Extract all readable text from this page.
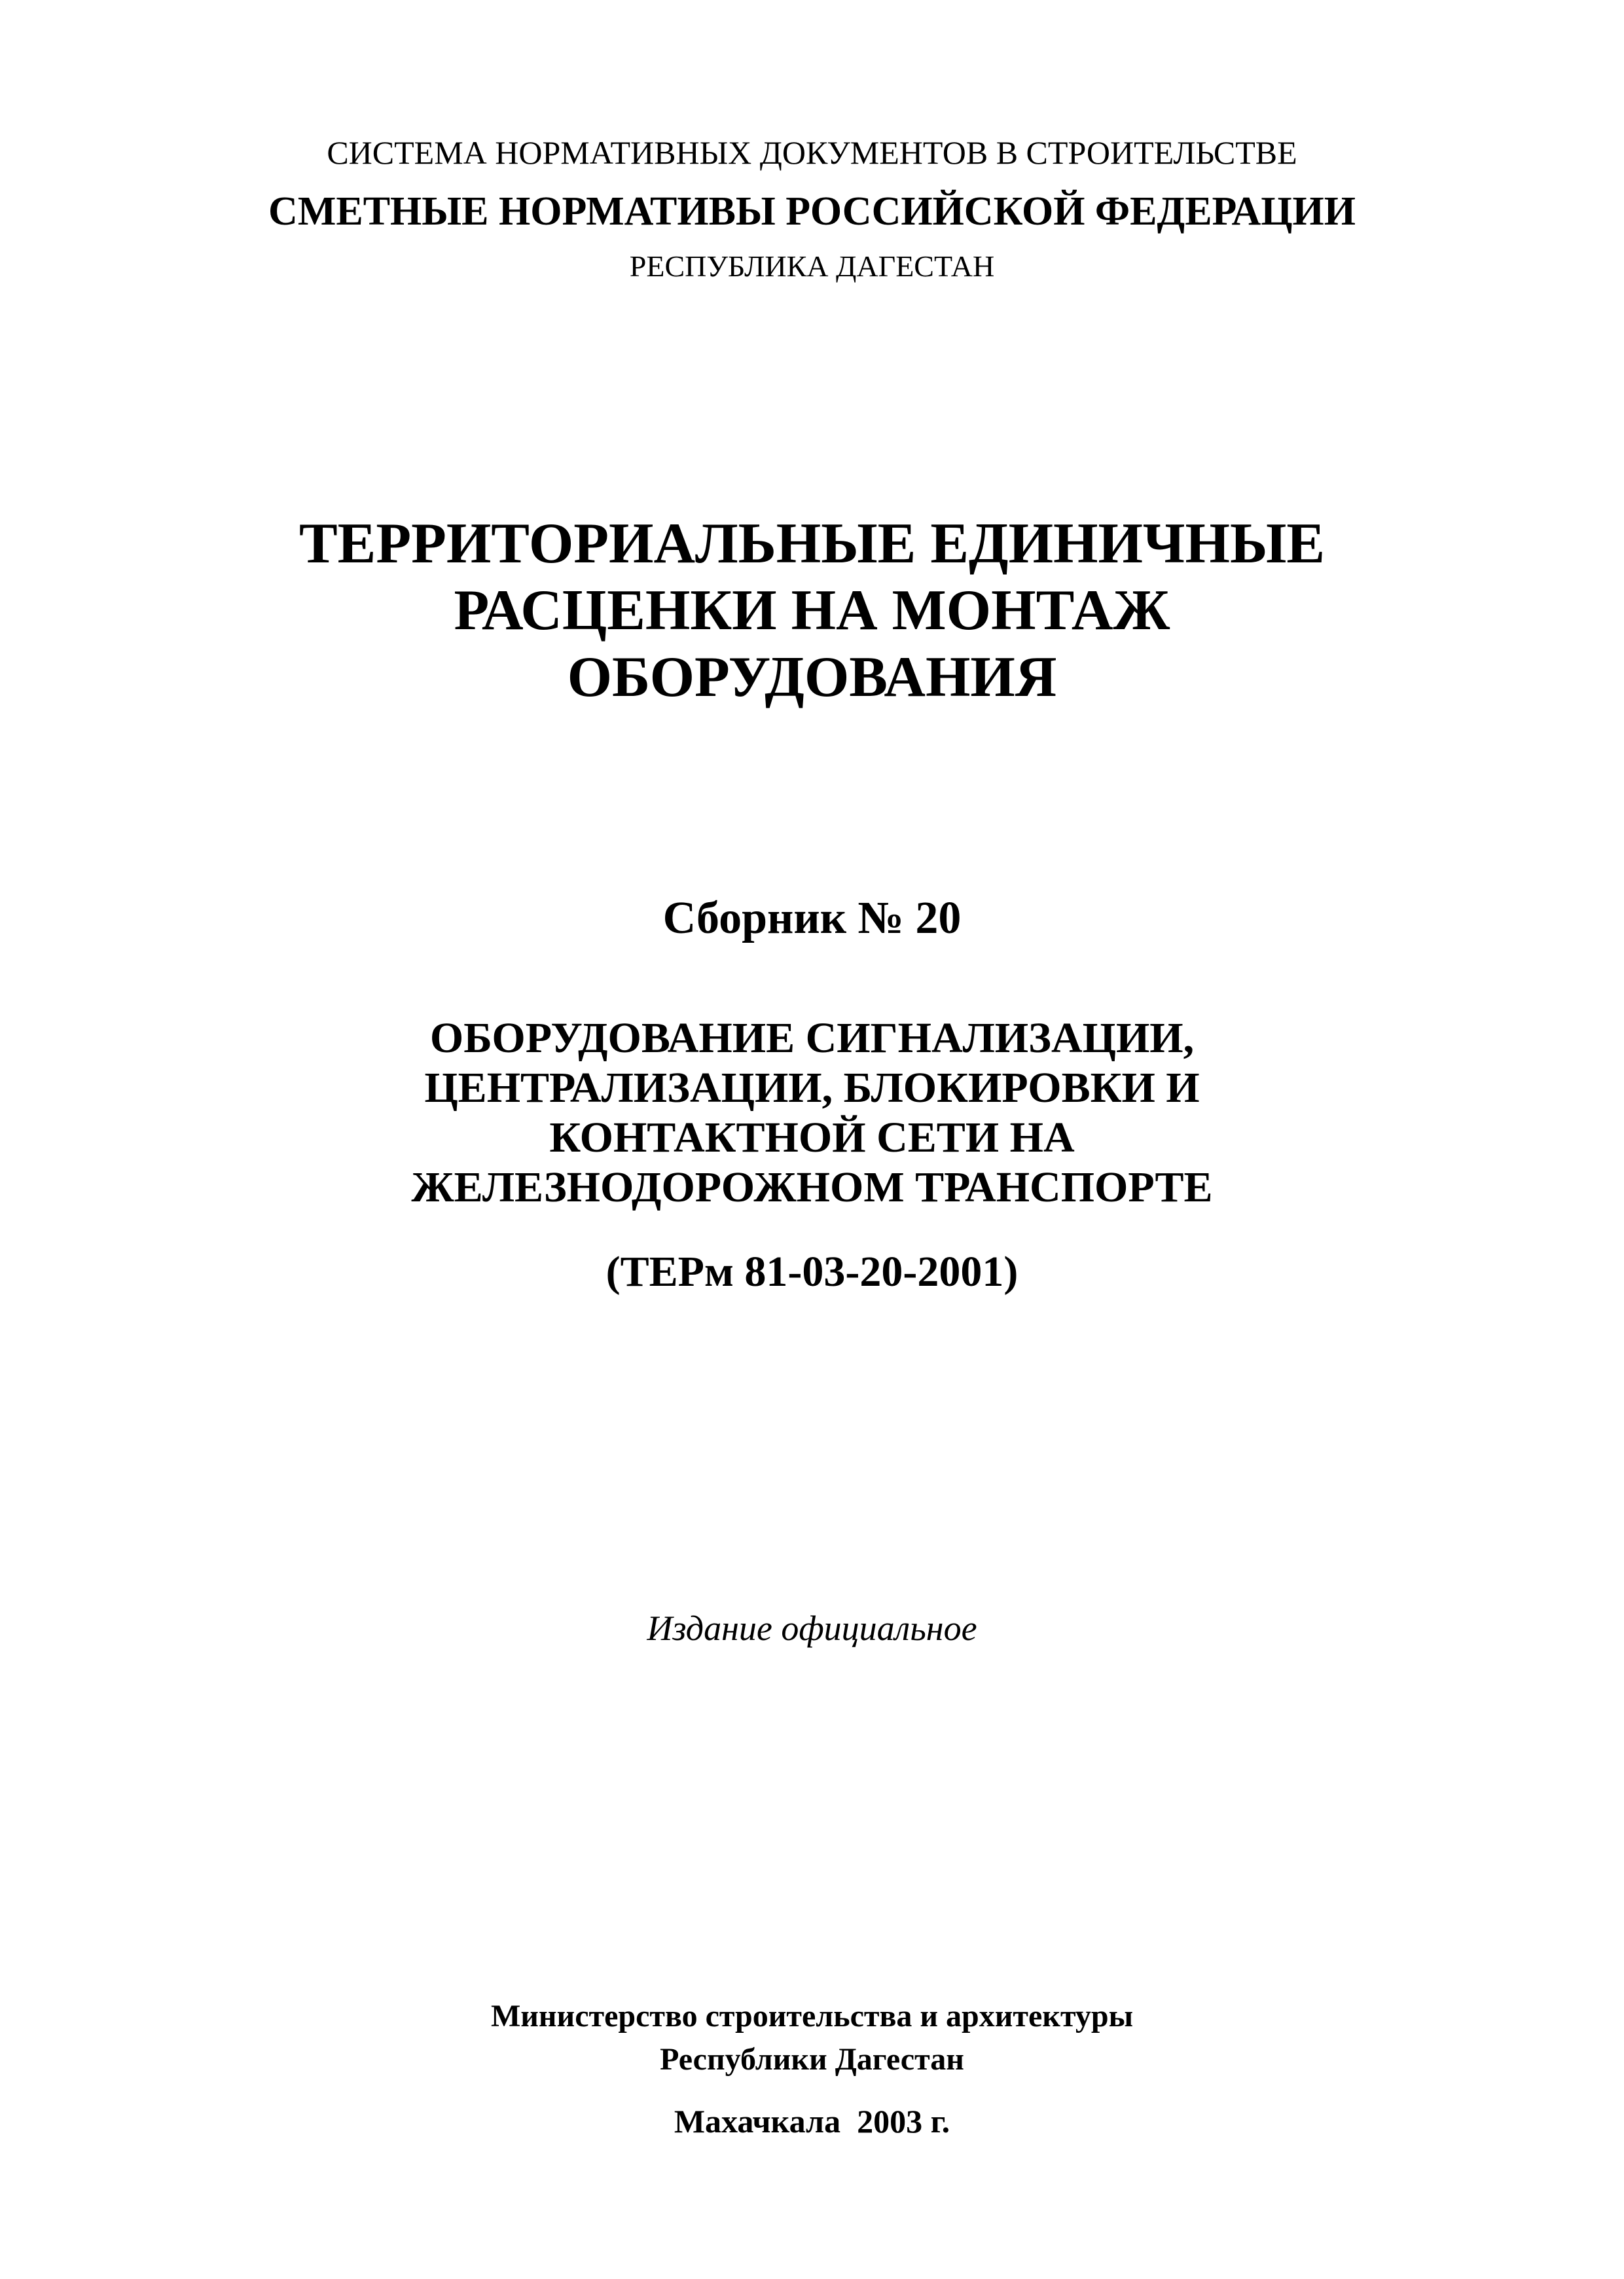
СИСТЕМА НОРМАТИВНЫХ ДОКУМЕНТОВ В СТРОИТЕЛЬСТВЕ
СМЕТНЫЕ НОРМАТИВЫ РОССИЙСКОЙ ФЕДЕРАЦИИ
РЕСПУБЛИКА ДАГЕСТАН
ТЕРРИТОРИАЛЬНЫЕ ЕДИНИЧНЫЕ
РАСЦЕНКИ НА МОНТАЖ
ОБОРУДОВАНИЯ
Сборник № 20
ОБОРУДОВАНИЕ СИГНАЛИЗАЦИИ,
ЦЕНТРАЛИЗАЦИИ, БЛОКИРОВКИ И
КОНТАКТНОЙ СЕТИ НА
ЖЕЛЕЗНОДОРОЖНОМ ТРАНСПОРТЕ
(ТЕРм 81-03-20-2001)
Издание официальное
Министерство строительства и архитектуры
Республики Дагестан
Махачкала  2003 г.
